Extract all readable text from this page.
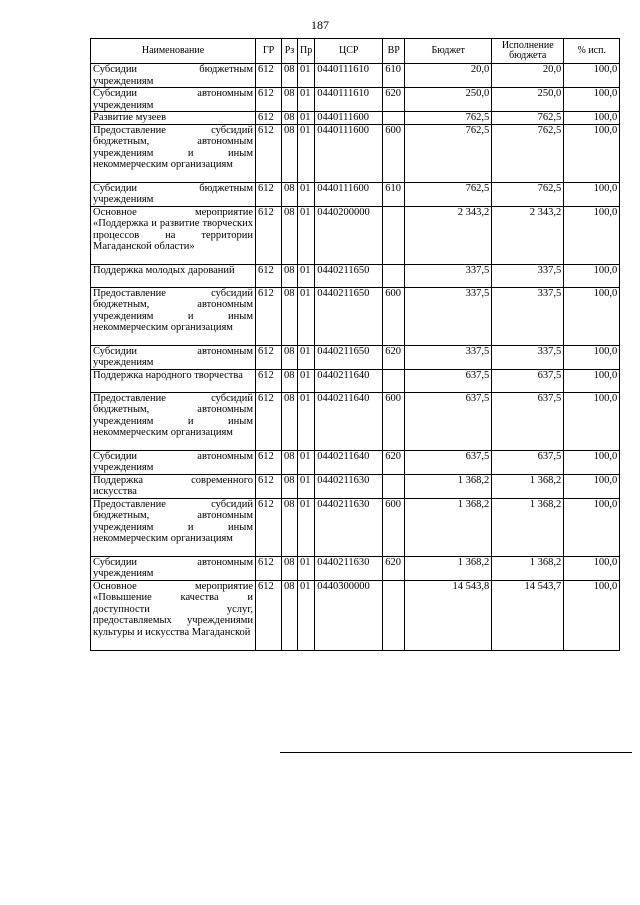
187
Наименование	ГР	Рз	Пр	ЦСР	ВР	Бюджет	Исполнение бюджета	% исп.
Субсидии бюджетным учреждениям	612	08	01	0440111610	610	20,0	20,0	100,0
Субсидии автономным учреждениям	612	08	01	0440111610	620	250,0	250,0	100,0
Развитие музеев	612	08	01	0440111600		762,5	762,5	100,0
Предоставление субсидий бюджетным, автономным учреждениям и иным некоммерческим организациям	612	08	01	0440111600	600	762,5	762,5	100,0
Субсидии бюджетным учреждениям	612	08	01	0440111600	610	762,5	762,5	100,0
Основное мероприятие «Поддержка и развитие творческих процессов на территории Магаданской области»	612	08	01	0440200000		2 343,2	2 343,2	100,0
Поддержка молодых дарований	612	08	01	0440211650		337,5	337,5	100,0
Предоставление субсидий бюджетным, автономным учреждениям и иным некоммерческим организациям	612	08	01	0440211650	600	337,5	337,5	100,0
Субсидии автономным учреждениям	612	08	01	0440211650	620	337,5	337,5	100,0
Поддержка народного творчества	612	08	01	0440211640		637,5	637,5	100,0
Предоставление субсидий бюджетным, автономным учреждениям и иным некоммерческим организациям	612	08	01	0440211640	600	637,5	637,5	100,0
Субсидии автономным учреждениям	612	08	01	0440211640	620	637,5	637,5	100,0
Поддержка современного искусства	612	08	01	0440211630		1 368,2	1 368,2	100,0
Предоставление субсидий бюджетным, автономным учреждениям и иным некоммерческим организациям	612	08	01	0440211630	600	1 368,2	1 368,2	100,0
Субсидии автономным учреждениям	612	08	01	0440211630	620	1 368,2	1 368,2	100,0
Основное мероприятие «Повышение качества и доступности услуг, предоставляемых учреждениями культуры и искусства Магаданской	612	08	01	0440300000		14 543,8	14 543,7	100,0
